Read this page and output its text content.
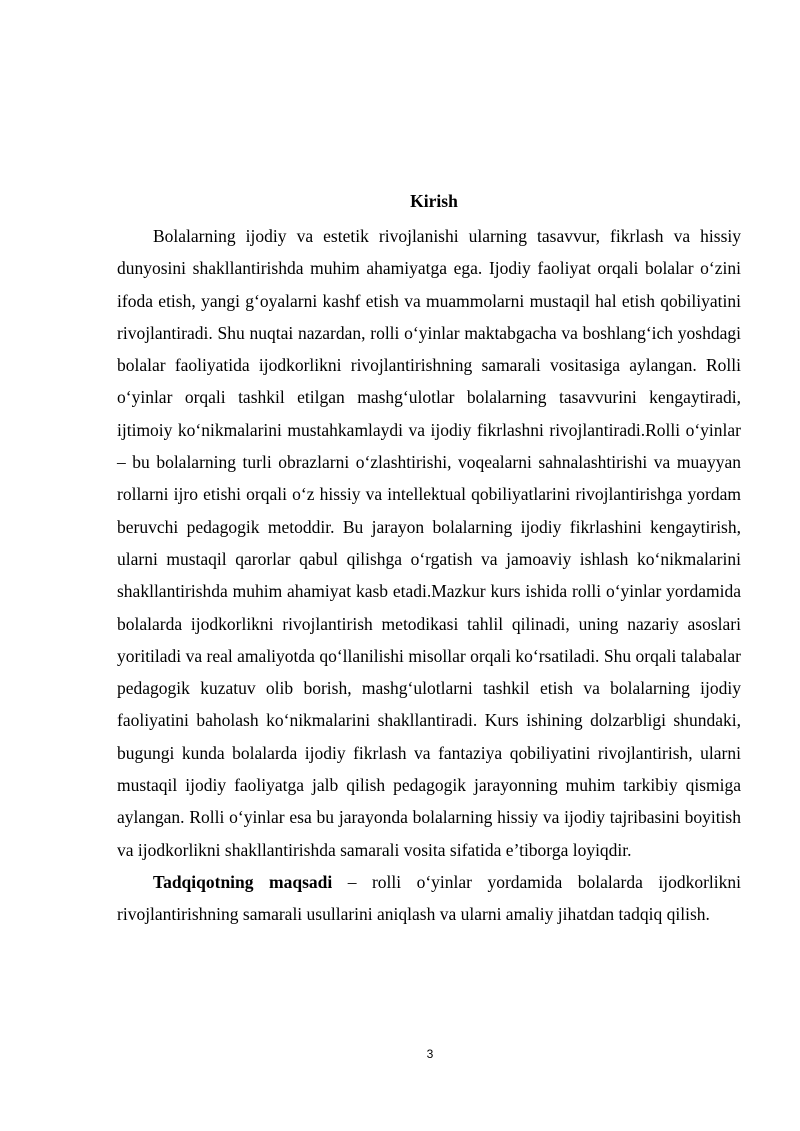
Kirish

Bolalarning ijodiy va estetik rivojlanishi ularning tasavvur, fikrlash va hissiy dunyosini shakllantirishda muhim ahamiyatga ega. Ijodiy faoliyat orqali bolalar o‘zini ifoda etish, yangi g‘oyalarni kashf etish va muammolarni mustaqil hal etish qobiliyatini rivojlantiradi. Shu nuqtai nazardan, rolli o‘yinlar maktabgacha va boshlang‘ich yoshdagi bolalar faoliyatida ijodkorlikni rivojlantirishning samarali vositasiga aylangan. Rolli o‘yinlar orqali tashkil etilgan mashg‘ulotlar bolalarning tasavvurini kengaytiradi, ijtimoiy ko‘nikmalarini mustahkamlaydi va ijodiy fikrlashni rivojlantiradi.Rolli o‘yinlar – bu bolalarning turli obrazlarni o‘zlashtirishi, voqealarni sahnalashtirishi va muayyan rollarni ijro etishi orqali o‘z hissiy va intellektual qobiliyatlarini rivojlantirishga yordam beruvchi pedagogik metoddir. Bu jarayon bolalarning ijodiy fikrlashini kengaytirish, ularni mustaqil qarorlar qabul qilishga o‘rgatish va jamoaviy ishlash ko‘nikmalarini shakllantirishda muhim ahamiyat kasb etadi.Mazkur kurs ishida rolli o‘yinlar yordamida bolalarda ijodkorlikni rivojlantirish metodikasi tahlil qilinadi, uning nazariy asoslari yoritiladi va real amaliyotda qo‘llanilishi misollar orqali ko‘rsatiladi. Shu orqali talabalar pedagogik kuzatuv olib borish, mashg‘ulotlarni tashkil etish va bolalarning ijodiy faoliyatini baholash ko‘nikmalarini shakllantiradi. Kurs ishining dolzarbligi shundaki, bugungi kunda bolalarda ijodiy fikrlash va fantaziya qobiliyatini rivojlantirish, ularni mustaqil ijodiy faoliyatga jalb qilish pedagogik jarayonning muhim tarkibiy qismiga aylangan. Rolli o‘yinlar esa bu jarayonda bolalarning hissiy va ijodiy tajribasini boyitish va ijodkorlikni shakllantirishda samarali vosita sifatida e’tiborga loyiqdir.

Tadqiqotning maqsadi – rolli o‘yinlar yordamida bolalarda ijodkorlikni rivojlantirishning samarali usullarini aniqlash va ularni amaliy jihatdan tadqiq qilish.

3
